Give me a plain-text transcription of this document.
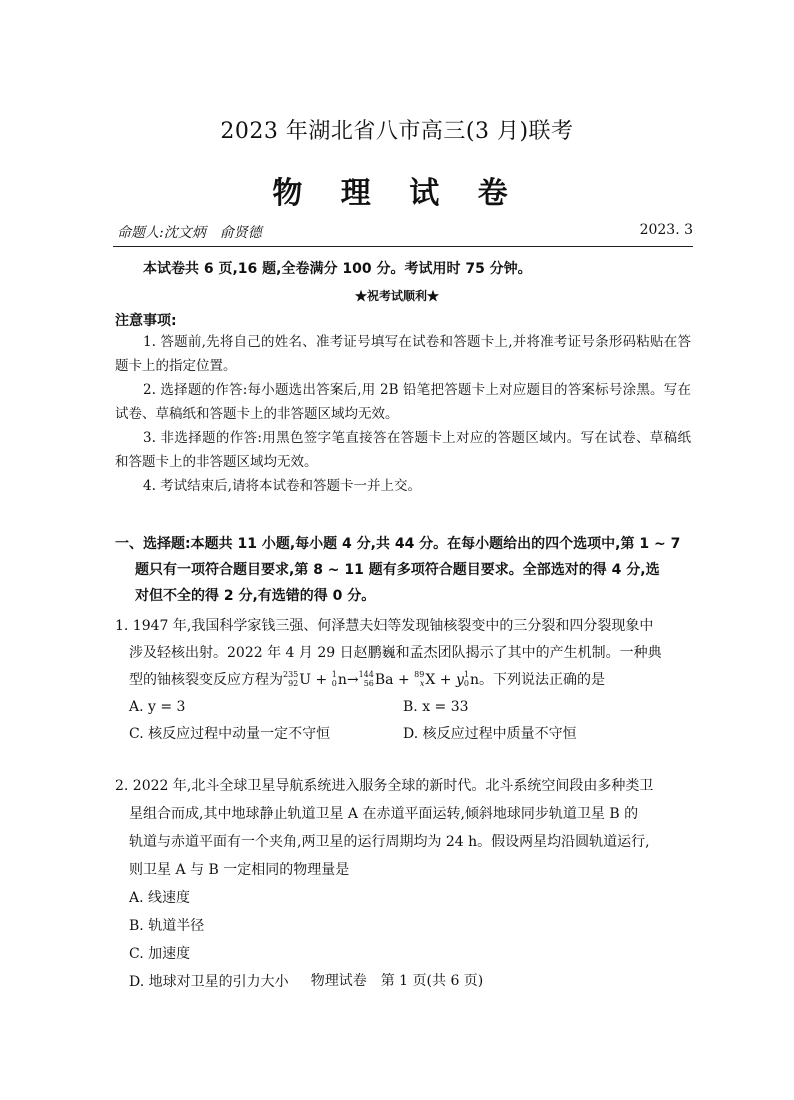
2023 年湖北省八市高三(3 月)联考
物 理 试 卷
命题人:沈文炳　俞贤德	2023. 3
本试卷共 6 页,16 题,全卷满分 100 分。考试用时 75 分钟。
★祝考试顺利★
注意事项:

1. 答题前,先将自己的姓名、准考证号填写在试卷和答题卡上,并将准考证号条形码粘贴在答题卡上的指定位置。

2. 选择题的作答:每小题选出答案后,用 2B 铅笔把答题卡上对应题目的答案标号涂黑。写在试卷、草稿纸和答题卡上的非答题区域均无效。

3. 非选择题的作答:用黑色签字笔直接答在答题卡上对应的答题区域内。写在试卷、草稿纸和答题卡上的非答题区域均无效。

4. 考试结束后,请将本试卷和答题卡一并上交。

一、选择题:本题共 11 小题,每小题 4 分,共 44 分。在每小题给出的四个选项中,第 1 ~ 7
题只有一项符合题目要求,第 8 ~ 11 题有多项符合题目要求。全部选对的得 4 分,选
对但不全的得 2 分,有选错的得 0 分。
1. 1947 年,我国科学家钱三强、何泽慧夫妇等发现铀核裂变中的三分裂和四分裂现象中
涉及轻核出射。2022 年 4 月 29 日赵鹏巍和孟杰团队揭示了其中的产生机制。一种典
型的铀核裂变反应方程为 235
92 U + 1
0 n→ 144
56 Ba + 89
x X + y 1
0 n。下列说法正确的是
A. y = 3	B. x = 33
C. 核反应过程中动量一定不守恒	D. 核反应过程中质量不守恒
2. 2022 年,北斗全球卫星导航系统进入服务全球的新时代。北斗系统空间段由多种类卫
星组合而成,其中地球静止轨道卫星 A 在赤道平面运转,倾斜地球同步轨道卫星 B 的
轨道与赤道平面有一个夹角,两卫星的运行周期均为 24 h。假设两星均沿圆轨道运行,
则卫星 A 与 B 一定相同的物理量是
A. 线速度
B. 轨道半径
C. 加速度
D. 地球对卫星的引力大小	物理试卷　第 1 页(共 6 页)
